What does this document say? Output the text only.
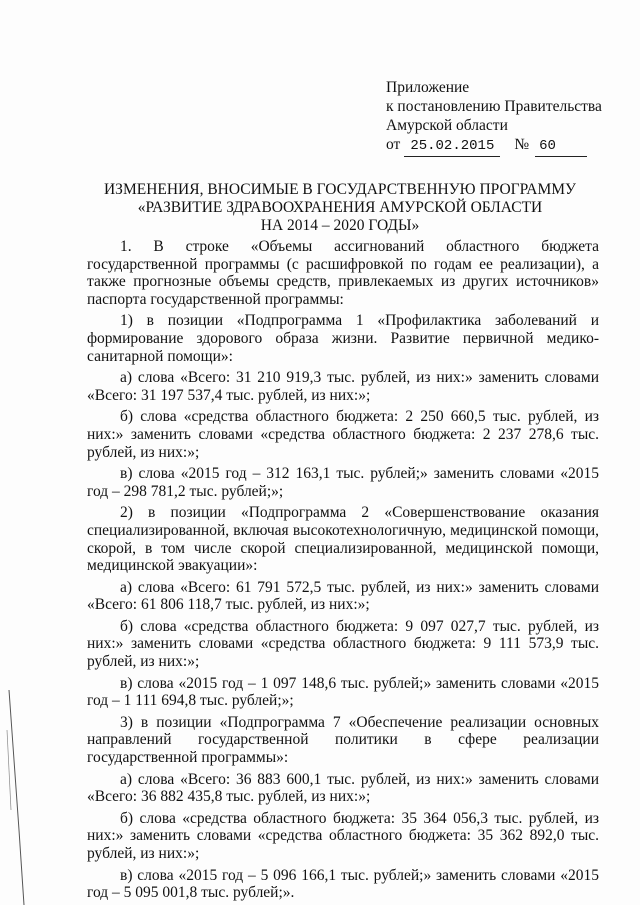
Приложение
к постановлению Правительства
Амурской области
от 25.02.2015 № 60
ИЗМЕНЕНИЯ, ВНОСИМЫЕ В ГОСУДАРСТВЕННУЮ ПРОГРАММУ
«РАЗВИТИЕ ЗДРАВООХРАНЕНИЯ АМУРСКОЙ ОБЛАСТИ
НА 2014 – 2020 ГОДЫ»

1. В строке «Объемы ассигнований областного бюджета государственной программы (с расшифровкой по годам ее реализации), а также прогнозные объемы средств, привлекаемых из других источников» паспорта государственной программы:

1) в позиции «Подпрограмма 1 «Профилактика заболеваний и формирование здорового образа жизни. Развитие первичной медико-санитарной помощи»:

а) слова «Всего: 31 210 919,3 тыс. рублей, из них:» заменить словами «Всего: 31 197 537,4 тыс. рублей, из них:»;

б) слова «средства областного бюджета: 2 250 660,5 тыс. рублей, из них:» заменить словами «средства областного бюджета: 2 237 278,6 тыс. рублей, из них:»;

в) слова «2015 год – 312 163,1 тыс. рублей;» заменить словами «2015 год – 298 781,2 тыс. рублей;»;

2) в позиции «Подпрограмма 2 «Совершенствование оказания специализированной, включая высокотехнологичную, медицинской помощи, скорой, в том числе скорой специализированной, медицинской помощи, медицинской эвакуации»:

а) слова «Всего: 61 791 572,5 тыс. рублей, из них:» заменить словами «Всего: 61 806 118,7 тыс. рублей, из них:»;

б) слова «средства областного бюджета: 9 097 027,7 тыс. рублей, из них:» заменить словами «средства областного бюджета: 9 111 573,9 тыс. рублей, из них:»;

в) слова «2015 год – 1 097 148,6 тыс. рублей;» заменить словами «2015 год – 1 111 694,8 тыс. рублей;»;

3) в позиции «Подпрограмма 7 «Обеспечение реализации основных направлений государственной политики в сфере реализации государственной программы»:

а) слова «Всего: 36 883 600,1 тыс. рублей, из них:» заменить словами «Всего: 36 882 435,8 тыс. рублей, из них:»;

б) слова «средства областного бюджета: 35 364 056,3 тыс. рублей, из них:» заменить словами «средства областного бюджета: 35 362 892,0 тыс. рублей, из них:»;

в) слова «2015 год – 5 096 166,1 тыс. рублей;» заменить словами «2015 год – 5 095 001,8 тыс. рублей;».
